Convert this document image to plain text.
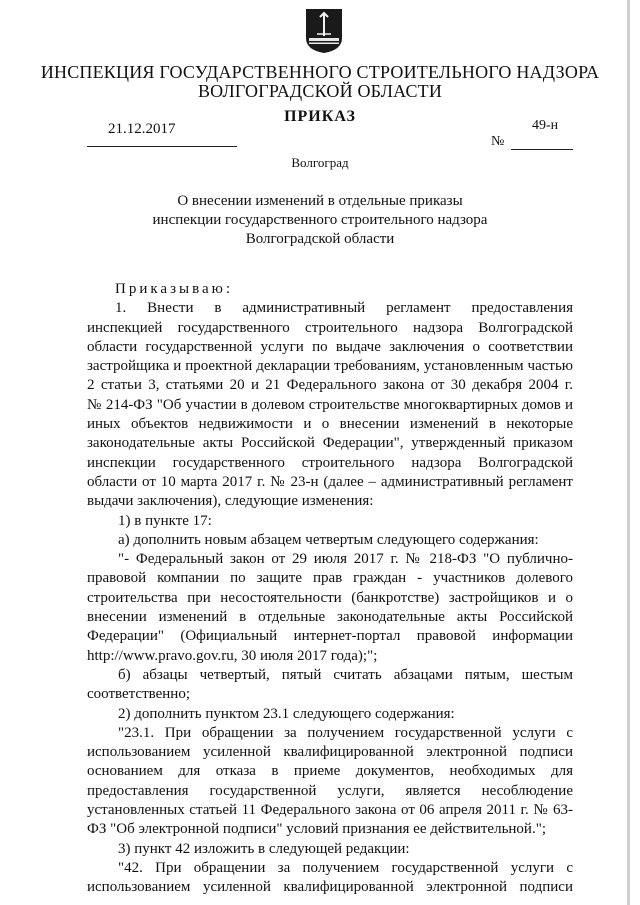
ИНСПЕКЦИЯ ГОСУДАРСТВЕННОГО СТРОИТЕЛЬНОГО НАДЗОРА
ВОЛГОГРАДСКОЙ ОБЛАСТИ
ПРИКАЗ
21.12.2017	49-н
№
Волгоград
О внесении изменений в отдельные приказы
инспекции государственного строительного надзора
Волгоградской области
Приказываю:
1. Внести в административный регламент предоставления
инспекцией государственного строительного надзора Волгоградской
области государственной услуги по выдаче заключения о соответствии
застройщика и проектной декларации требованиям, установленным частью
2 статьи 3, статьями 20 и 21 Федерального закона от 30 декабря 2004 г.
№ 214-ФЗ "Об участии в долевом строительстве многоквартирных домов и
иных объектов недвижимости и о внесении изменений в некоторые
законодательные акты Российской Федерации", утвержденный приказом
инспекции государственного строительного надзора Волгоградской
области от 10 марта 2017 г. № 23-н (далее – административный регламент
выдачи заключения), следующие изменения:
1) в пункте 17:
а) дополнить новым абзацем четвертым следующего содержания:
"- Федеральный закон от 29 июля 2017 г. № 218-ФЗ "О публично-
правовой компании по защите прав граждан - участников долевого
строительства при несостоятельности (банкротстве) застройщиков и о
внесении изменений в отдельные законодательные акты Российской
Федерации" (Официальный интернет-портал правовой информации
http://www.pravo.gov.ru, 30 июля 2017 года);";
б) абзацы четвертый, пятый считать абзацами пятым, шестым
соответственно;
2) дополнить пунктом 23.1 следующего содержания:
"23.1. При обращении за получением государственной услуги с
использованием усиленной квалифицированной электронной подписи
основанием для отказа в приеме документов, необходимых для
предоставления государственной услуги, является несоблюдение
установленных статьей 11 Федерального закона от 06 апреля 2011 г. № 63-
ФЗ "Об электронной подписи" условий признания ее действительной.";
3) пункт 42 изложить в следующей редакции:
"42. При обращении за получением государственной услуги с
использованием усиленной квалифицированной электронной подписи
